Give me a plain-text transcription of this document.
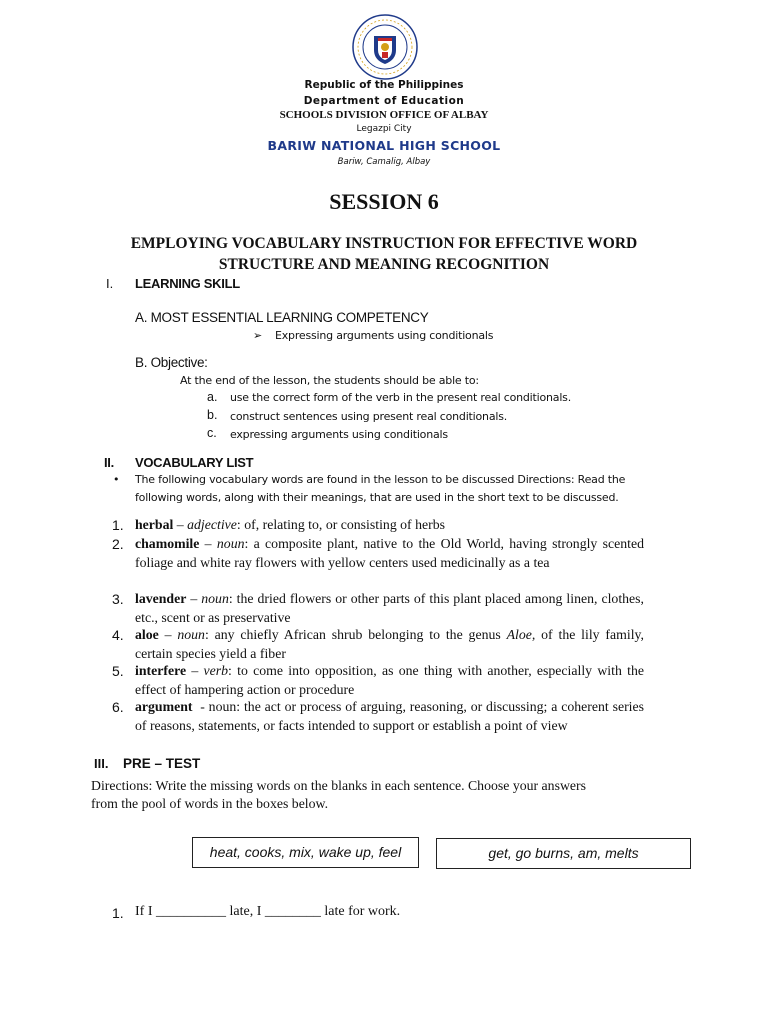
Republic of the Philippines
Department of Education
SCHOOLS DIVISION OFFICE OF ALBAY
Legazpi City
BARIW NATIONAL HIGH SCHOOL
Bariw, Camalig, Albay
SESSION 6
EMPLOYING VOCABULARY INSTRUCTION FOR EFFECTIVE WORD
STRUCTURE AND MEANING RECOGNITION
I. LEARNING SKILL
A. MOST ESSENTIAL LEARNING COMPETENCY
➢ Expressing arguments using conditionals
B. Objective:
At the end of the lesson, the students should be able to:
a. use the correct form of the verb in the present real conditionals.
b. construct sentences using present real conditionals.
c. expressing arguments using conditionals
II. VOCABULARY LIST
• The following vocabulary words are found in the lesson to be discussed Directions: Read the
following words, along with their meanings, that are used in the short text to be discussed.
1. herbal – adjective: of, relating to, or consisting of herbs
2. chamomile – noun: a composite plant, native to the Old World, having strongly scented foliage and white ray flowers with yellow centers used medicinally as a tea
3. lavender – noun: the dried flowers or other parts of this plant placed among linen, clothes, etc., scent or as preservative
4. aloe – noun: any chiefly African shrub belonging to the genus Aloe, of the lily family, certain species yield a fiber
5. interfere – verb: to come into opposition, as one thing with another, especially with the effect of hampering action or procedure
6. argument  - noun: the act or process of arguing, reasoning, or discussing; a coherent series of reasons, statements, or facts intended to support or establish a point of view
III. PRE – TEST
Directions: Write the missing words on the blanks in each sentence. Choose your answers
from the pool of words in the boxes below.
heat, cooks, mix, wake up, feel	get, go burns, am, melts
1. If I __________ late, I ________ late for work.
